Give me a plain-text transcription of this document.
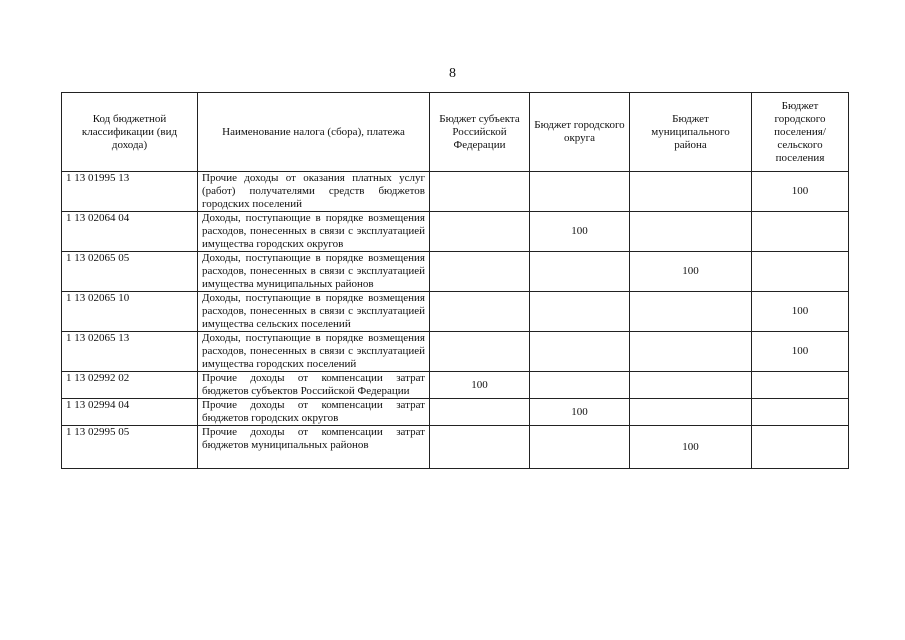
8
Код бюджетной классификации (вид дохода)	Наименование налога (сбора), платежа	Бюджет субъекта Российской Федерации	Бюджет городского округа	Бюджет муниципального района	Бюджет городского поселения/ сельского поселения
1 13 01995 13	Прочие доходы от оказания платных услуг (работ) получателями средств бюджетов городских поселений				100
1 13 02064 04	Доходы, поступающие в порядке возмещения расходов, понесенных в связи с эксплуатацией имущества городских округов		100		
1 13 02065 05	Доходы, поступающие в порядке возмещения расходов, понесенных в связи с эксплуатацией имущества муниципальных районов			100	
1 13 02065 10	Доходы, поступающие в порядке возмещения расходов, понесенных в связи с эксплуатацией имущества сельских поселений				100
1 13 02065 13	Доходы, поступающие в порядке возмещения расходов, понесенных в связи с эксплуатацией имущества городских поселений				100
1 13 02992 02	Прочие доходы от компенсации затрат бюджетов субъектов Российской Федерации	100			
1 13 02994 04	Прочие доходы от компенсации затрат бюджетов городских округов		100		
1 13 02995 05	Прочие доходы от компенсации затрат бюджетов муниципальных районов			100	
